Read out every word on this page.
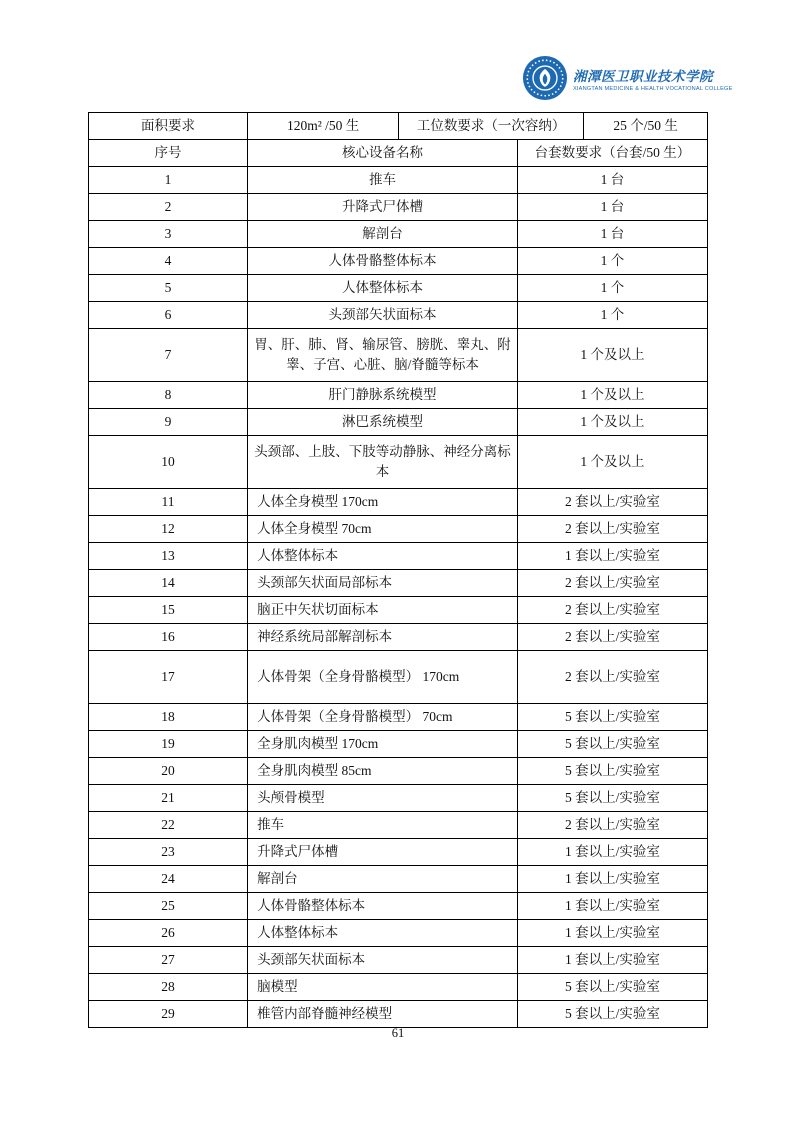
湘潭医卫职业技术学院
XIANGTAN MEDICINE & HEALTH VOCATIONAL COLLEGE
面积要求	120m² /50 生	工位数要求（一次容纳）	25 个/50 生
序号	核心设备名称	台套数要求（台套/50 生）
1	推车	1 台
2	升降式尸体槽	1 台
3	解剖台	1 台
4	人体骨骼整体标本	1 个
5	人体整体标本	1 个
6	头颈部矢状面标本	1 个
7	胃、肝、肺、肾、输尿管、膀胱、睾丸、附睾、子宫、心脏、脑/脊髓等标本	1 个及以上
8	肝门静脉系统模型	1 个及以上
9	淋巴系统模型	1 个及以上
10	头颈部、上肢、下肢等动静脉、神经分离标本	1 个及以上
11	人体全身模型 170cm	2 套以上/实验室
12	人体全身模型 70cm	2 套以上/实验室
13	人体整体标本	1 套以上/实验室
14	头颈部矢状面局部标本	2 套以上/实验室
15	脑正中矢状切面标本	2 套以上/实验室
16	神经系统局部解剖标本	2 套以上/实验室
17	人体骨架（全身骨骼模型） 170cm	2 套以上/实验室
18	人体骨架（全身骨骼模型） 70cm	5 套以上/实验室
19	全身肌肉模型 170cm	5 套以上/实验室
20	全身肌肉模型 85cm	5 套以上/实验室
21	头颅骨模型	5 套以上/实验室
22	推车	2 套以上/实验室
23	升降式尸体槽	1 套以上/实验室
24	解剖台	1 套以上/实验室
25	人体骨骼整体标本	1 套以上/实验室
26	人体整体标本	1 套以上/实验室
27	头颈部矢状面标本	1 套以上/实验室
28	脑模型	5 套以上/实验室
29	椎管内部脊髓神经模型	5 套以上/实验室
61
